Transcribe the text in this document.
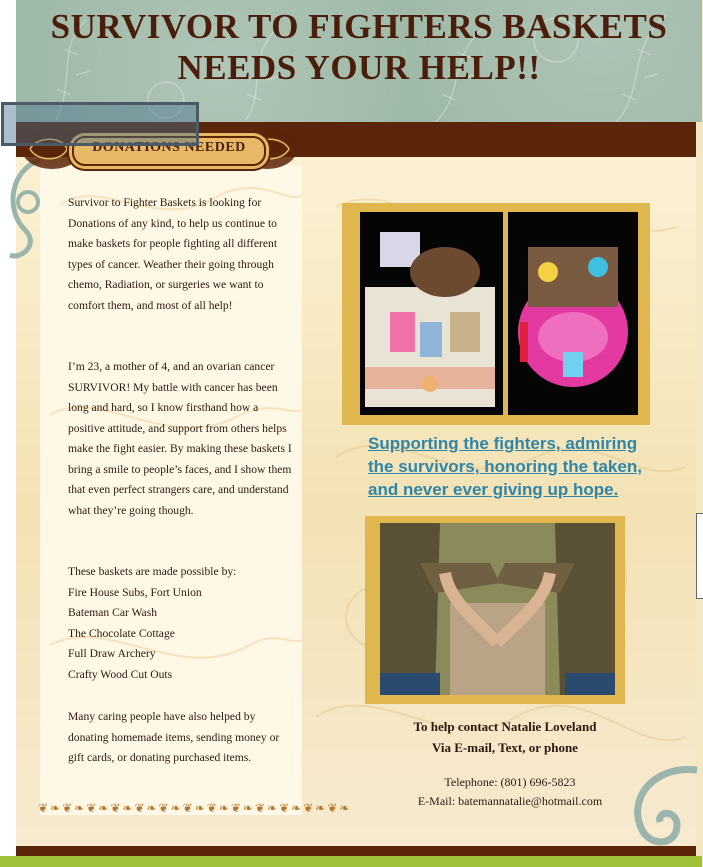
SURVIVOR TO FIGHTERS BASKETS
NEEDS YOUR HELP!!
DONATIONS NEEDED

Survivor to Fighter Baskets is looking for Donations of any kind, to help us continue to make baskets for people fighting all different types of cancer. Weather their going through chemo, Radiation, or surgeries we want to comfort them, and most of all help!

I’m 23, a mother of 4, and an ovarian cancer SURVIVOR! My battle with cancer has been long and hard, so I know firsthand how a positive attitude, and support from others helps make the fight easier. By making these baskets I bring a smile to people’s faces, and I show them that even perfect strangers care, and understand what they’re going though.

These baskets are made possible by:

Fire House Subs, Fort Union

Bateman Car Wash

The Chocolate Cottage

Full Draw Archery

Crafty Wood Cut Outs

Many caring people have also helped by donating homemade items, sending money or gift cards, or donating purchased items.

❦❧❦❧❦❧❦❧❦❧❦❧❦❧❦❧❦❧❦❧❦❧❦❧❦❧
Supporting the fighters, admiring the survivors, honoring the taken, and never ever giving up hope.
To help contact Natalie Loveland
Via E-mail, Text, or phone
Telephone: (801) 696-5823
E-Mail: batemannatalie@hotmail.com
